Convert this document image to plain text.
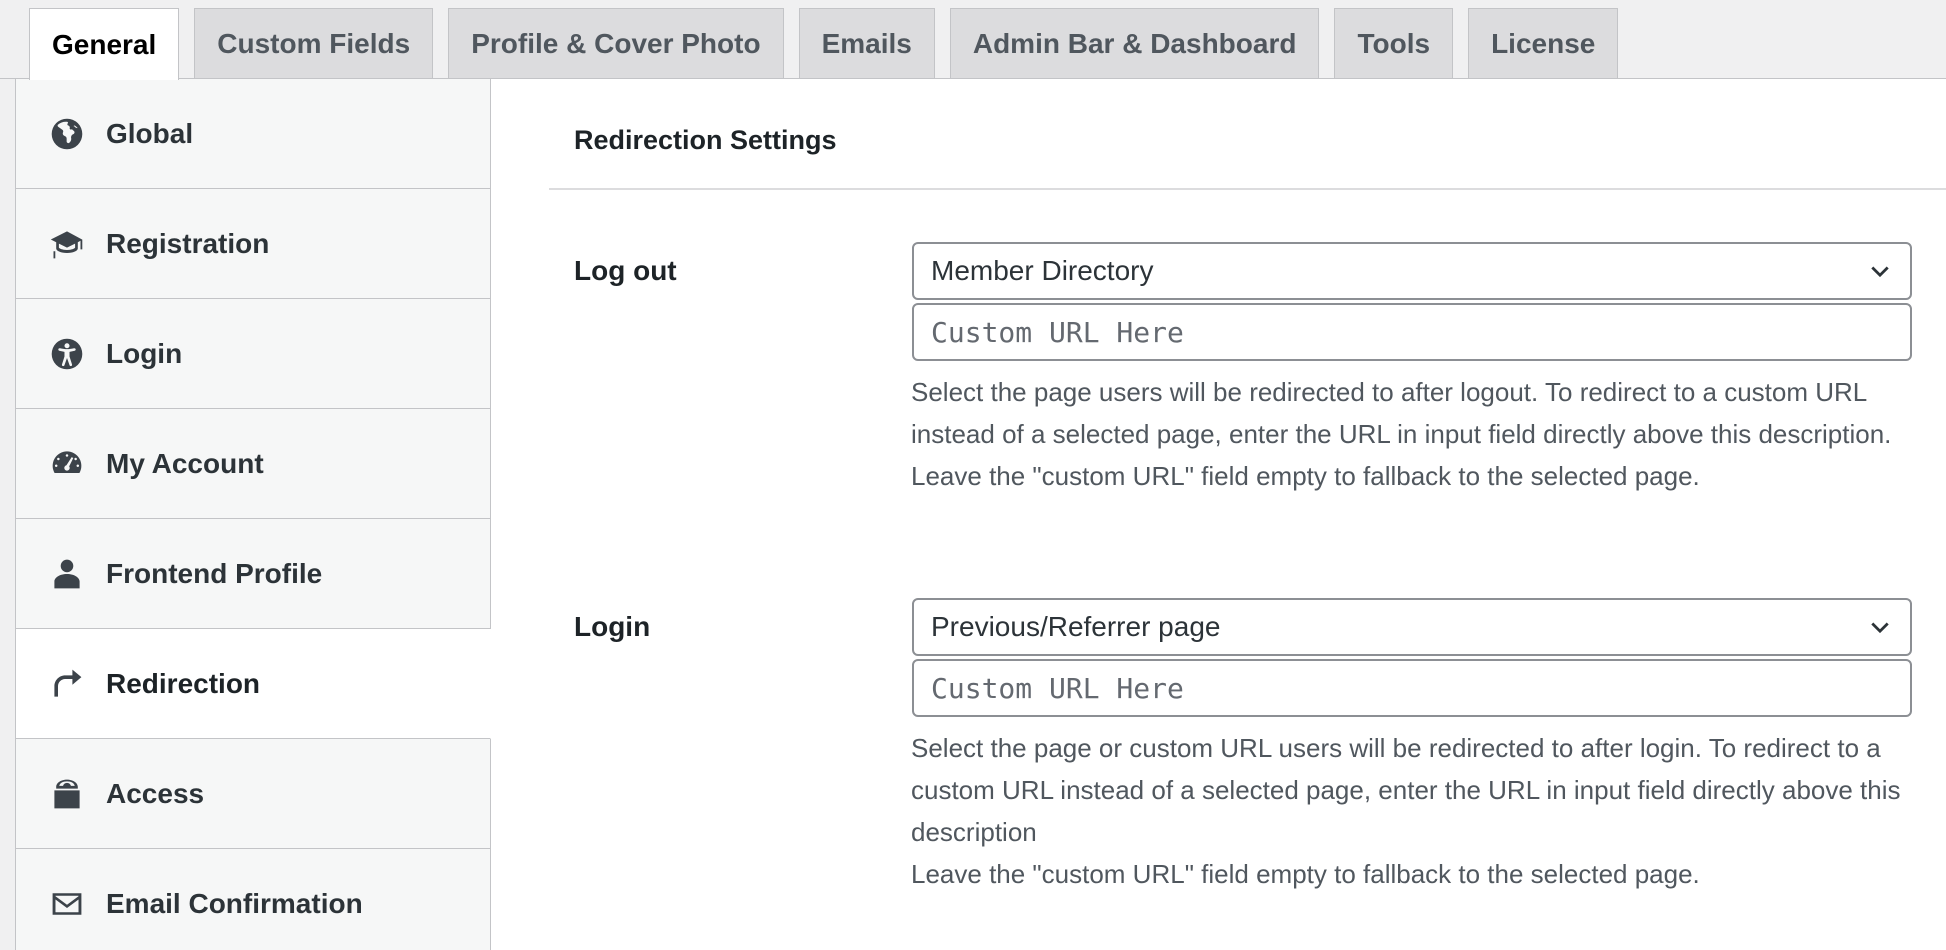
General	Custom Fields	Profile & Cover Photo	Emails	Admin Bar & Dashboard	Tools	License
Global
Registration
Login
My Account
Frontend Profile
Redirection
Access
Email Confirmation
Redirection Settings
Log out	Member Directory
Custom URL Here
Select the page users will be redirected to after logout. To redirect to a custom URL instead of a selected page, enter the URL in input field directly above this description.
Leave the "custom URL" field empty to fallback to the selected page.
Login	Previous/Referrer page
Custom URL Here
Select the page or custom URL users will be redirected to after login. To redirect to a custom URL instead of a selected page, enter the URL in input field directly above this description
Leave the "custom URL" field empty to fallback to the selected page.
